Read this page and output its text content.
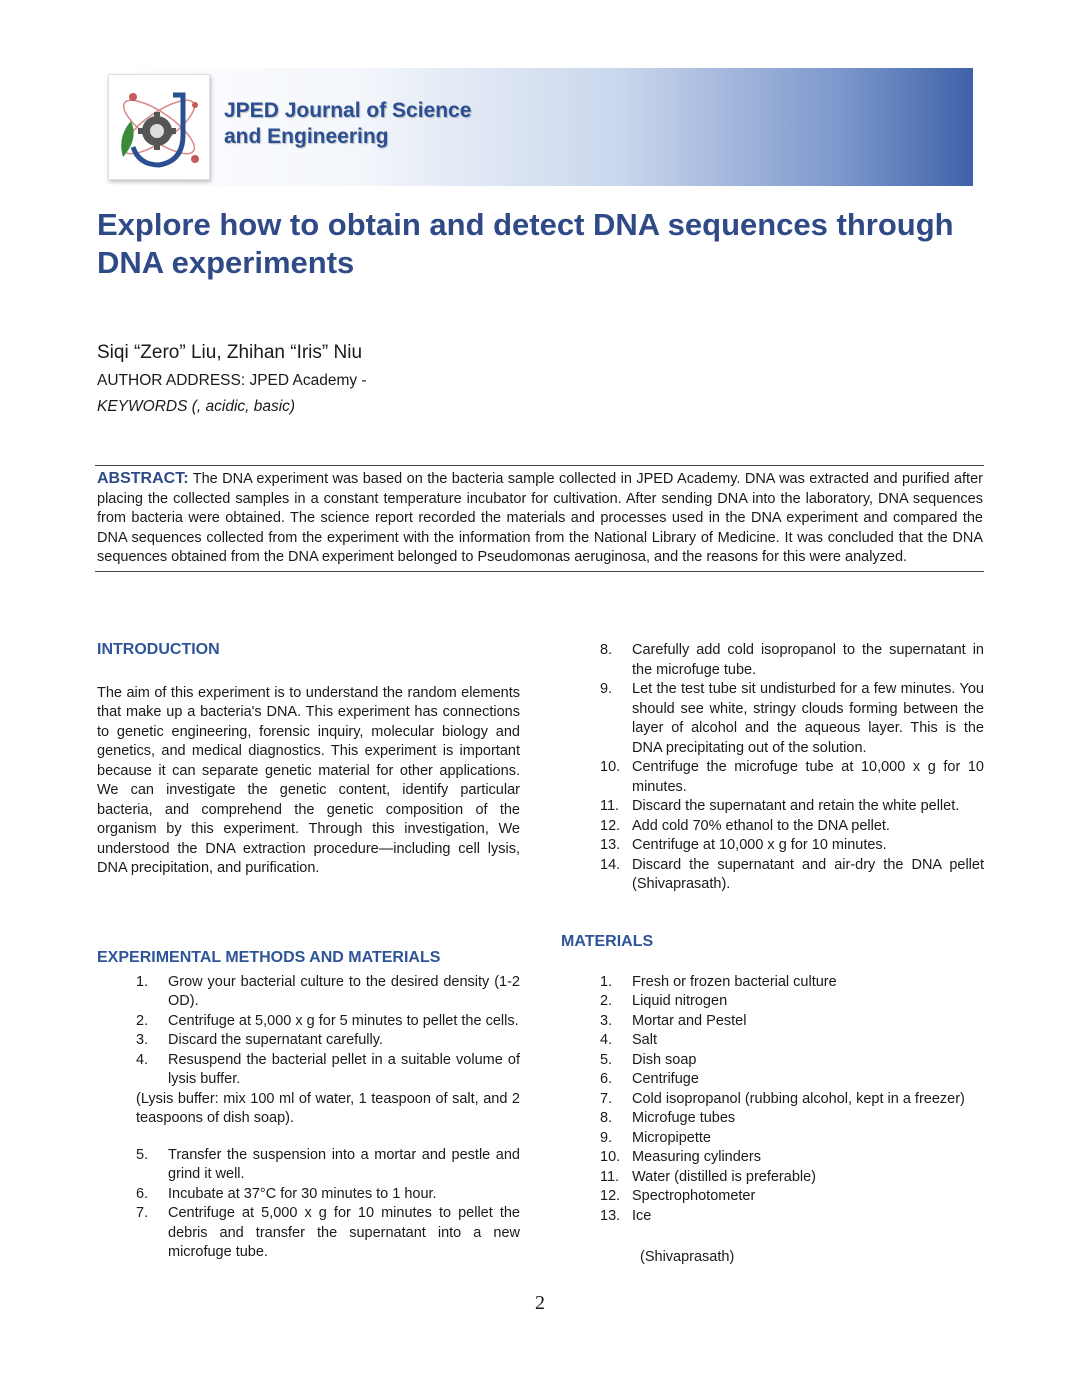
JPED Journal of Science
and Engineering
Explore how to obtain and detect DNA sequences through DNA experiments
Siqi “Zero” Liu, Zhihan “Iris” Niu
AUTHOR ADDRESS: JPED Academy -
KEYWORDS (, acidic, basic)
ABSTRACT: The DNA experiment was based on the bacteria sample collected in JPED Academy. DNA was extracted and purified after placing the collected samples in a constant temperature incubator for cultivation. After sending DNA into the laboratory, DNA sequences from bacteria were obtained. The science report recorded the materials and processes used in the DNA experiment and compared the DNA sequences collected from the experiment with the information from the National Library of Medicine. It was concluded that the DNA sequences obtained from the DNA experiment belonged to Pseudomonas aeruginosa, and the reasons for this were analyzed.
INTRODUCTION
The aim of this experiment is to understand the random elements that make up a bacteria's DNA. This experiment has connections to genetic engineering, forensic inquiry, molecular biology and genetics, and medical diagnostics. This experiment is important because it can separate genetic material for other applications. We can investigate the genetic content, identify particular bacteria, and comprehend the genetic composition of the organism by this experiment. Through this investigation, We understood the DNA extraction procedure—including cell lysis, DNA precipitation, and purification.
EXPERIMENTAL METHODS AND MATERIALS
1. Grow your bacterial culture to the desired density (1-2 OD).
2. Centrifuge at 5,000 x g for 5 minutes to pellet the cells.
3. Discard the supernatant carefully.
4. Resuspend the bacterial pellet in a suitable volume of lysis buffer.
(Lysis buffer: mix 100 ml of water, 1 teaspoon of salt, and 2 teaspoons of dish soap).
5. Transfer the suspension into a mortar and pestle and grind it well.
6. Incubate at 37°C for 30 minutes to 1 hour.
7. Centrifuge at 5,000 x g for 10 minutes to pellet the debris and transfer the supernatant into a new microfuge tube.
8. Carefully add cold isopropanol to the supernatant in the microfuge tube.
9. Let the test tube sit undisturbed for a few minutes. You should see white, stringy clouds forming between the layer of alcohol and the aqueous layer. This is the DNA precipitating out of the solution.
10. Centrifuge the microfuge tube at 10,000 x g for 10 minutes.
11. Discard the supernatant and retain the white pellet.
12. Add cold 70% ethanol to the DNA pellet.
13. Centrifuge at 10,000 x g for 10 minutes.
14. Discard the supernatant and air-dry the DNA pellet (Shivaprasath).
MATERIALS
1. Fresh or frozen bacterial culture
2. Liquid nitrogen
3. Mortar and Pestel
4. Salt
5. Dish soap
6. Centrifuge
7. Cold isopropanol (rubbing alcohol, kept in a freezer)
8. Microfuge tubes
9. Micropipette
10. Measuring cylinders
11. Water (distilled is preferable)
12. Spectrophotometer
13. Ice
(Shivaprasath)
2
